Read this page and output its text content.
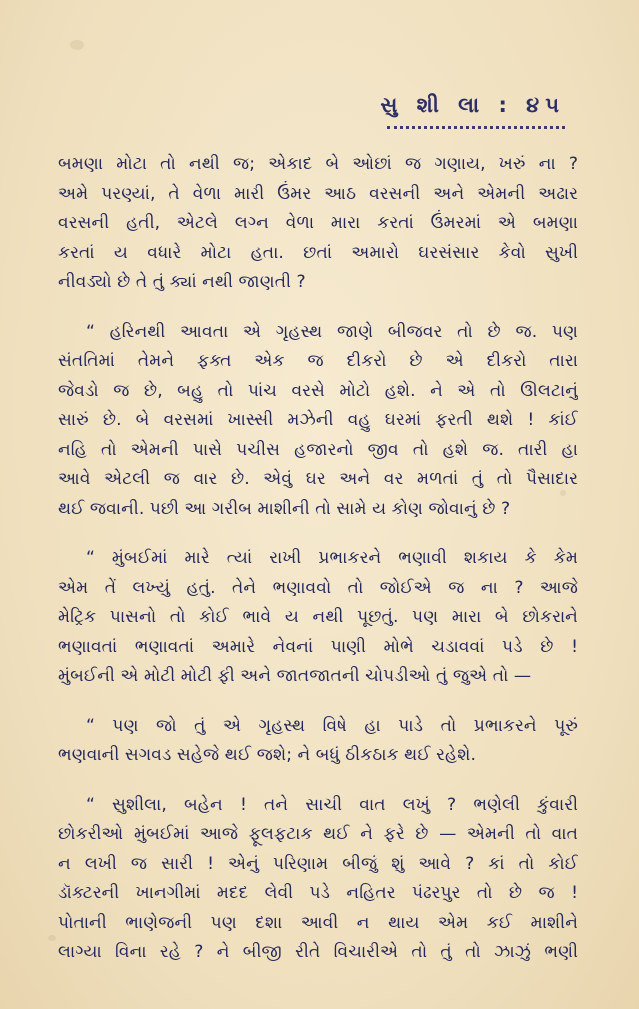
સુ શી લા : ૪૫
બમણા મોટા તો નથી જ; એકાદ બે ઓછાં જ ગણાય, ખરું ના ?
અમે પરણ્યાં, તે વેળા મારી ઉંમર આઠ વરસની અને એમની અઢાર
વરસની હતી, એટલે લગ્ન વેળા મારા કરતાં ઉંમરમાં એ બમણા
કરતાં ય વધારે મોટા હતા. છતાં અમારો ઘરસંસાર કેવો સુખી
નીવડ્યો છે તે તું ક્યાં નથી જાણતી ?
“ હરિનથી આવતા એ ગૃહસ્થ જાણે બીજવર તો છે જ. પણ
સંતતિમાં તેમને ફક્ત એક જ દીકરો છે એ દીકરો તારા
જેવડો જ છે, બહુ તો પાંચ વરસે મોટો હશે. ને એ તો ઊલટાનું
સારું છે. બે વરસમાં ખાસ્સી મઝેની વહુ ઘરમાં ફરતી થશે ! કાંઈ
નહિ તો એમની પાસે પચીસ હજારનો જીવ તો હશે જ. તારી હા
આવે એટલી જ વાર છે. એવું ઘર અને વર મળતાં તું તો પૈસાદાર
થઈ જવાની. પછી આ ગરીબ માશીની તો સામે ય કોણ જોવાનું છે ?
“ મુંબઈમાં મારે ત્યાં રાખી પ્રભાકરને ભણાવી શકાય કે કેમ
એમ તેં લખ્યું હતું. તેને ભણાવવો તો જોઈએ જ ના ? આજે
મેટ્રિક પાસનો તો કોઈ ભાવે ય નથી પૂછતું. પણ મારા બે છોકરાને
ભણાવતાં ભણાવતાં અમારે નેવનાં પાણી મોભે ચડાવવાં પડે છે !
મુંબઈની એ મોટી મોટી ફી અને જાતજાતની ચોપડીઓ તું જુએ તો —
“ પણ જો તું એ ગૃહસ્થ વિષે હા પાડે તો પ્રભાકરને પૂરું
ભણવાની સગવડ સહેજે થઈ જશે; ને બધું ઠીકઠાક થઈ રહેશે.
“ સુશીલા, બહેન ! તને સાચી વાત લખું ? ભણેલી કુંવારી
છોકરીઓ મુંબઈમાં આજે ફૂલફટાક થઈ ને ફરે છે — એમની તો વાત
ન લખી જ સારી ! એનું પરિણામ બીજું શું આવે ? કાં તો કોઈ
ડૉક્ટરની ખાનગીમાં મદદ લેવી પડે નહિતર પંઢરપુર તો છે જ !
પોતાની ભાણેજની પણ દશા આવી ન થાય એમ કઈ માશીને
લાગ્યા વિના રહે ? ને બીજી રીતે વિચારીએ તો તું તો ઝાઝું ભણી
